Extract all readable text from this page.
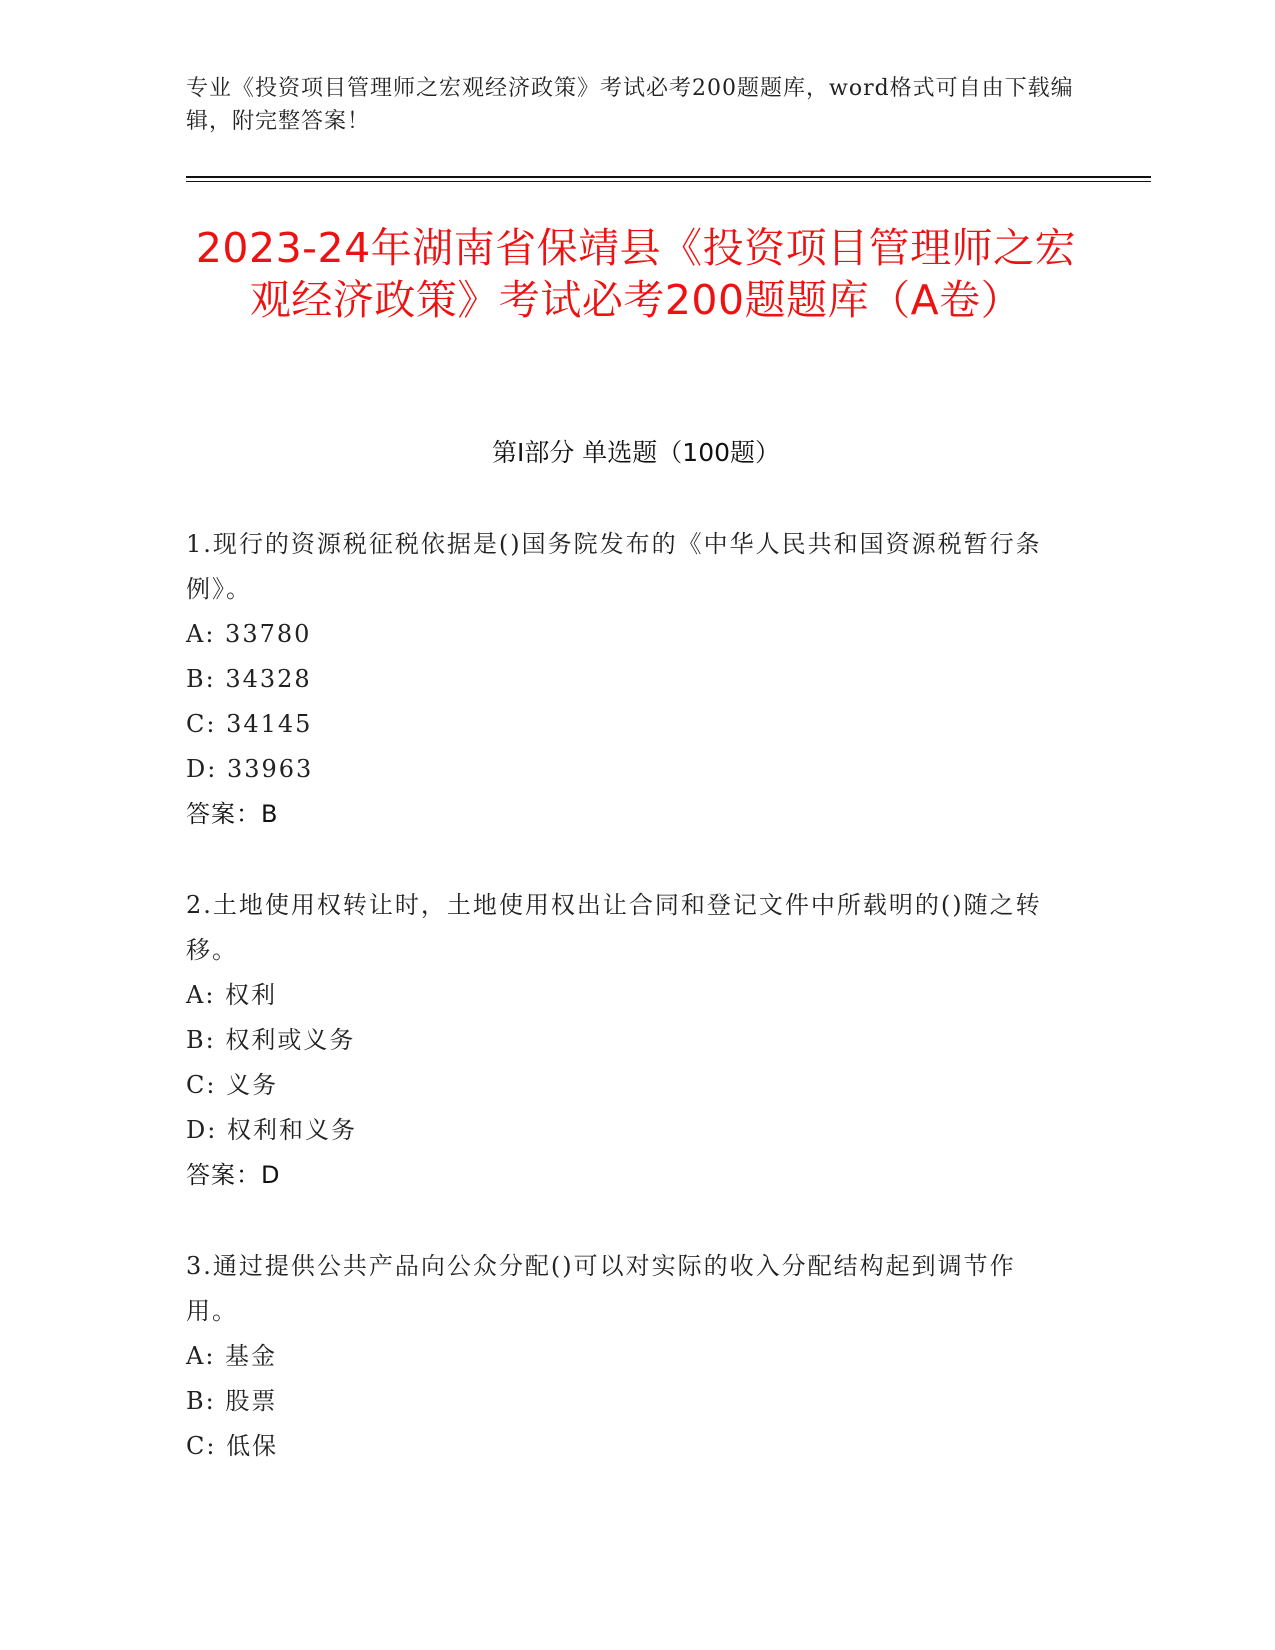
专业《投资项目管理师之宏观经济政策》考试必考200题题库，word格式可自由下载编辑，附完整答案！
2023-24年湖南省保靖县《投资项目管理师之宏观经济政策》考试必考200题题库（A卷）
第I部分 单选题（100题）

1.现行的资源税征税依据是()国务院发布的《中华人民共和国资源税暂行条例》。

A: 33780

B: 34328

C: 34145

D: 33963

答案：B

2.土地使用权转让时，土地使用权出让合同和登记文件中所载明的()随之转移。

A: 权利

B: 权利或义务

C: 义务

D: 权利和义务

答案：D

3.通过提供公共产品向公众分配()可以对实际的收入分配结构起到调节作用。

A: 基金

B: 股票

C: 低保
